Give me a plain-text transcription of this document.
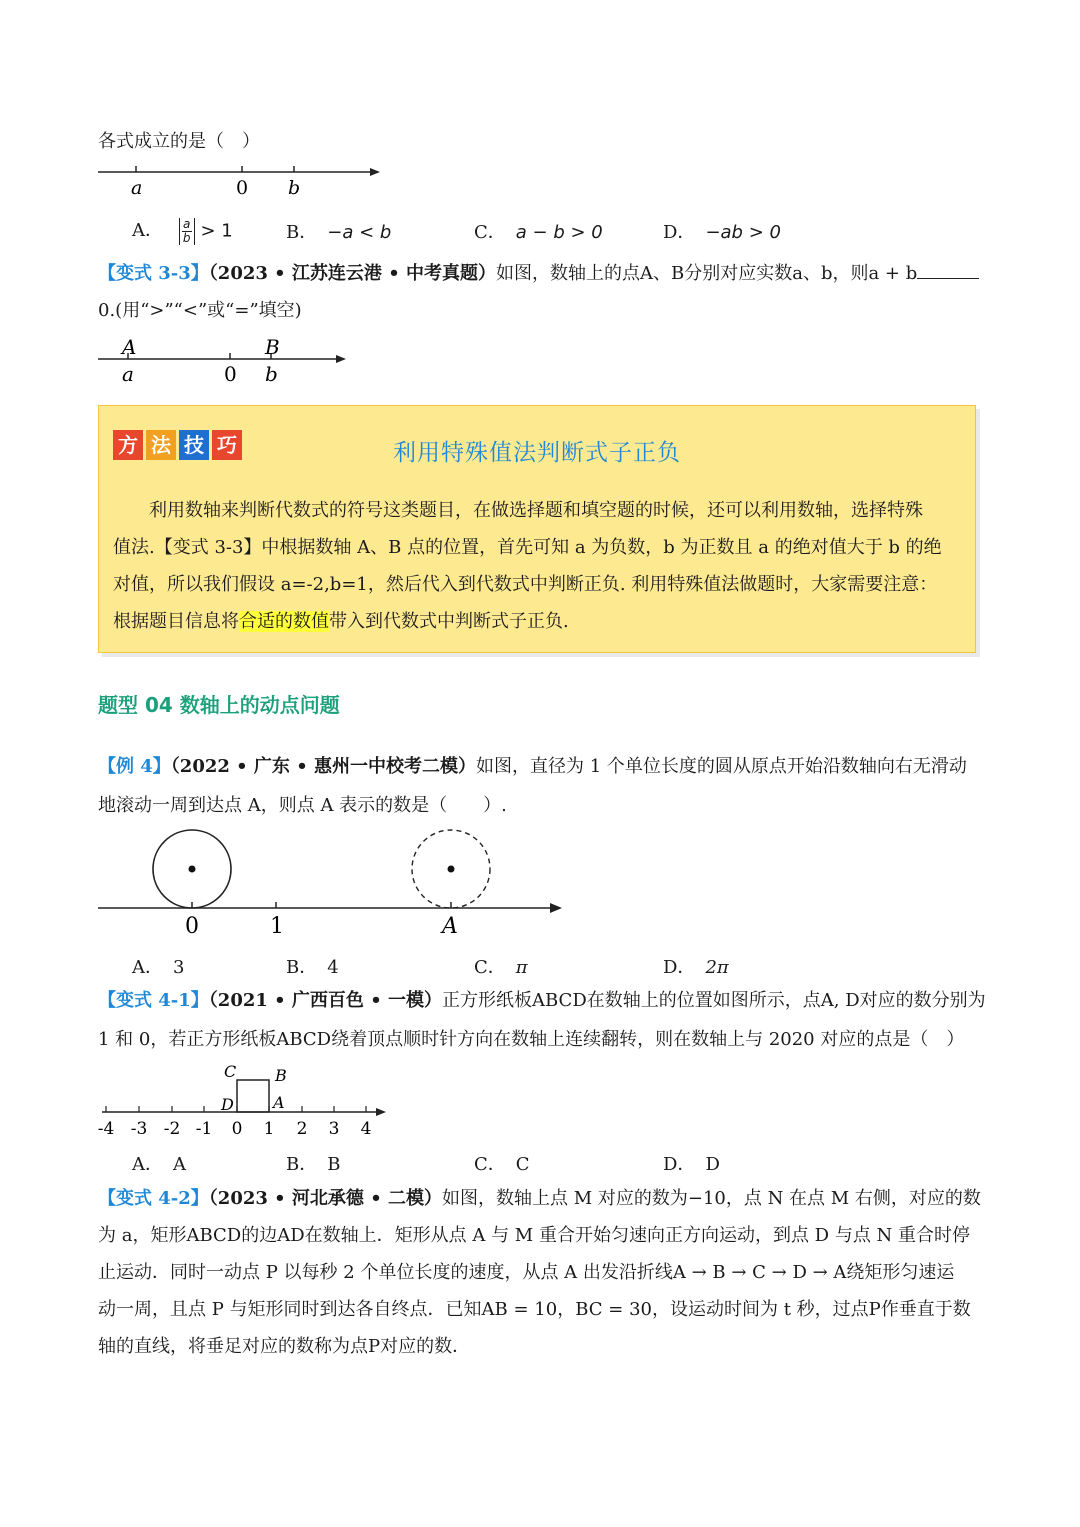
各式成立的是（　）
a	0 b
A． $\frac{a}{b} > 1$	B． −a < b	C． a − b > 0	D． −ab > 0
【变式 3-3】（2023 • 江苏连云港 • 中考真题）如图，数轴上的点A、B分别对应实数a、b，则a + b
0.(用“>”“<”或“=”填空)
A	B
a	0 b
方 法 技 巧	利用特殊值法判断式子正负
利用数轴来判断代数式的符号这类题目，在做选择题和填空题的时候，还可以利用数轴，选择特殊
值法.【变式 3-3】中根据数轴 A、B 点的位置，首先可知 a 为负数，b 为正数且 a 的绝对值大于 b 的绝
对值，所以我们假设 a=-2,b=1，然后代入到代数式中判断正负. 利用特殊值法做题时，大家需要注意：
根据题目信息将合适的数值带入到代数式中判断式子正负.
题型 04 数轴上的动点问题
【例 4】（2022 • 广东 • 惠州一中校考二模）如图，直径为 1 个单位长度的圆从原点开始沿数轴向右无滑动
地滚动一周到达点 A，则点 A 表示的数是（　　）.
0	1	A
A． 3	B． 4	C． π	D． 2π
【变式 4-1】（2021 • 广西百色 • 一模）正方形纸板ABCD在数轴上的位置如图所示，点A, D对应的数分别为
1 和 0，若正方形纸板ABCD绕着顶点顺时针方向在数轴上连续翻转，则在数轴上与 2020 对应的点是（　）
C B
D A
-4 -3 -2 -1 0 1 2 3 4
A． A	B． B	C． C	D． D
【变式 4-2】（2023 • 河北承德 • 二模）如图，数轴上点 M 对应的数为−10，点 N 在点 M 右侧，对应的数
为 a，矩形ABCD的边AD在数轴上．矩形从点 A 与 M 重合开始匀速向正方向运动，到点 D 与点 N 重合时停
止运动．同时一动点 P 以每秒 2 个单位长度的速度，从点 A 出发沿折线A → B → C → D → A绕矩形匀速运
动一周，且点 P 与矩形同时到达各自终点．已知AB = 10，BC = 30，设运动时间为 t 秒，过点P作垂直于数
轴的直线，将垂足对应的数称为点P对应的数．
